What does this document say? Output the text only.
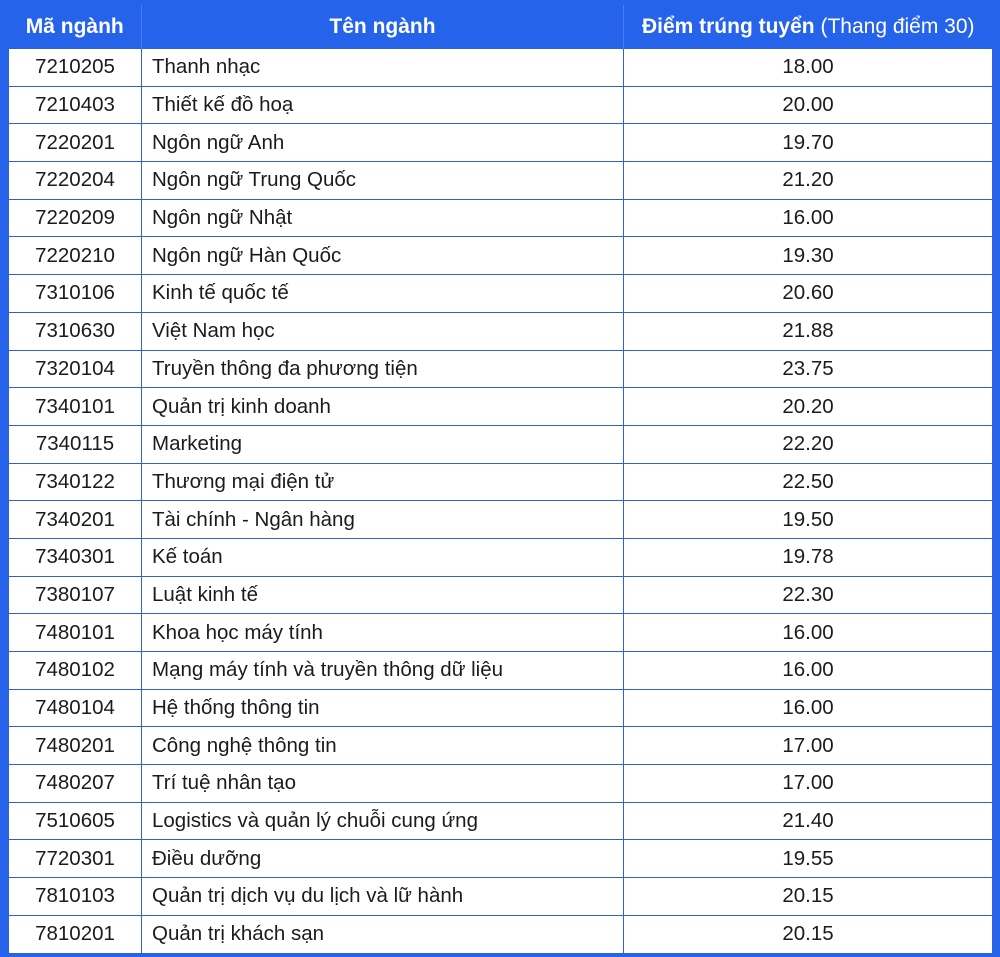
Mã ngành	Tên ngành	Điểm trúng tuyển (Thang điểm 30)
7210205	Thanh nhạc	18.00
7210403	Thiết kế đồ hoạ	20.00
7220201	Ngôn ngữ Anh	19.70
7220204	Ngôn ngữ Trung Quốc	21.20
7220209	Ngôn ngữ Nhật	16.00
7220210	Ngôn ngữ Hàn Quốc	19.30
7310106	Kinh tế quốc tế	20.60
7310630	Việt Nam học	21.88
7320104	Truyền thông đa phương tiện	23.75
7340101	Quản trị kinh doanh	20.20
7340115	Marketing	22.20
7340122	Thương mại điện tử	22.50
7340201	Tài chính - Ngân hàng	19.50
7340301	Kế toán	19.78
7380107	Luật kinh tế	22.30
7480101	Khoa học máy tính	16.00
7480102	Mạng máy tính và truyền thông dữ liệu	16.00
7480104	Hệ thống thông tin	16.00
7480201	Công nghệ thông tin	17.00
7480207	Trí tuệ nhân tạo	17.00
7510605	Logistics và quản lý chuỗi cung ứng	21.40
7720301	Điều dưỡng	19.55
7810103	Quản trị dịch vụ du lịch và lữ hành	20.15
7810201	Quản trị khách sạn	20.15
